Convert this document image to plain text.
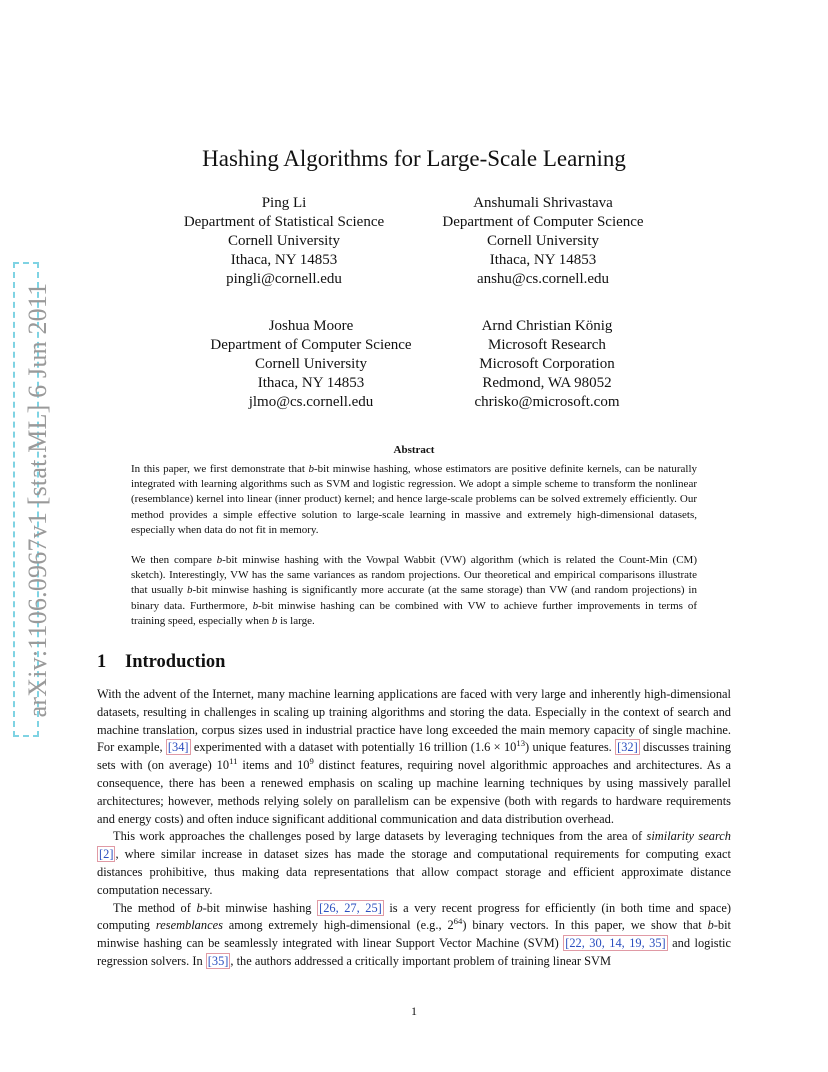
arXiv:1106.0967v1 [stat.ML] 6 Jun 2011
Hashing Algorithms for Large-Scale Learning
Ping Li
Department of Statistical Science
Cornell University
Ithaca, NY 14853
pingli@cornell.edu
Anshumali Shrivastava
Department of Computer Science
Cornell University
Ithaca, NY 14853
anshu@cs.cornell.edu
Joshua Moore
Department of Computer Science
Cornell University
Ithaca, NY 14853
jlmo@cs.cornell.edu
Arnd Christian König
Microsoft Research
Microsoft Corporation
Redmond, WA 98052
chrisko@microsoft.com
Abstract

In this paper, we first demonstrate that b-bit minwise hashing, whose estimators are positive definite kernels, can be naturally integrated with learning algorithms such as SVM and logistic regression. We adopt a simple scheme to transform the nonlinear (resemblance) kernel into linear (inner product) kernel; and hence large-scale problems can be solved extremely efficiently. Our method provides a simple effective solution to large-scale learning in massive and extremely high-dimensional datasets, especially when data do not fit in memory.

We then compare b-bit minwise hashing with the Vowpal Wabbit (VW) algorithm (which is related the Count-Min (CM) sketch). Interestingly, VW has the same variances as random projections. Our theoretical and empirical comparisons illustrate that usually b-bit minwise hashing is significantly more accurate (at the same storage) than VW (and random projections) in binary data. Furthermore, b-bit minwise hashing can be combined with VW to achieve further improvements in terms of training speed, especially when b is large.

1 Introduction

With the advent of the Internet, many machine learning applications are faced with very large and inherently high-dimensional datasets, resulting in challenges in scaling up training algorithms and storing the data. Especially in the context of search and machine translation, corpus sizes used in industrial practice have long exceeded the main memory capacity of single machine. For example, [34] experimented with a dataset with potentially 16 trillion $(1.6 \times 10^{13})$ unique features. [32] discusses training sets with (on average) $10^{11}$ items and $10^9$ distinct features, requiring novel algorithmic approaches and architectures. As a consequence, there has been a renewed emphasis on scaling up machine learning techniques by using massively parallel architectures; however, methods relying solely on parallelism can be expensive (both with regards to hardware requirements and energy costs) and often induce significant additional communication and data distribution overhead.

This work approaches the challenges posed by large datasets by leveraging techniques from the area of similarity search [2] , where similar increase in dataset sizes has made the storage and computational requirements for computing exact distances prohibitive, thus making data representations that allow compact storage and efficient approximate distance computation necessary.

The method of b-bit minwise hashing [26, 27, 25] is a very recent progress for efficiently (in both time and space) computing resemblances among extremely high-dimensional (e.g., $2^{64}$) binary vectors. In this paper, we show that b-bit minwise hashing can be seamlessly integrated with linear Support Vector Machine (SVM) [22, 30, 14, 19, 35] and logistic regression solvers. In [35] , the authors addressed a critically important problem of training linear SVM

1
